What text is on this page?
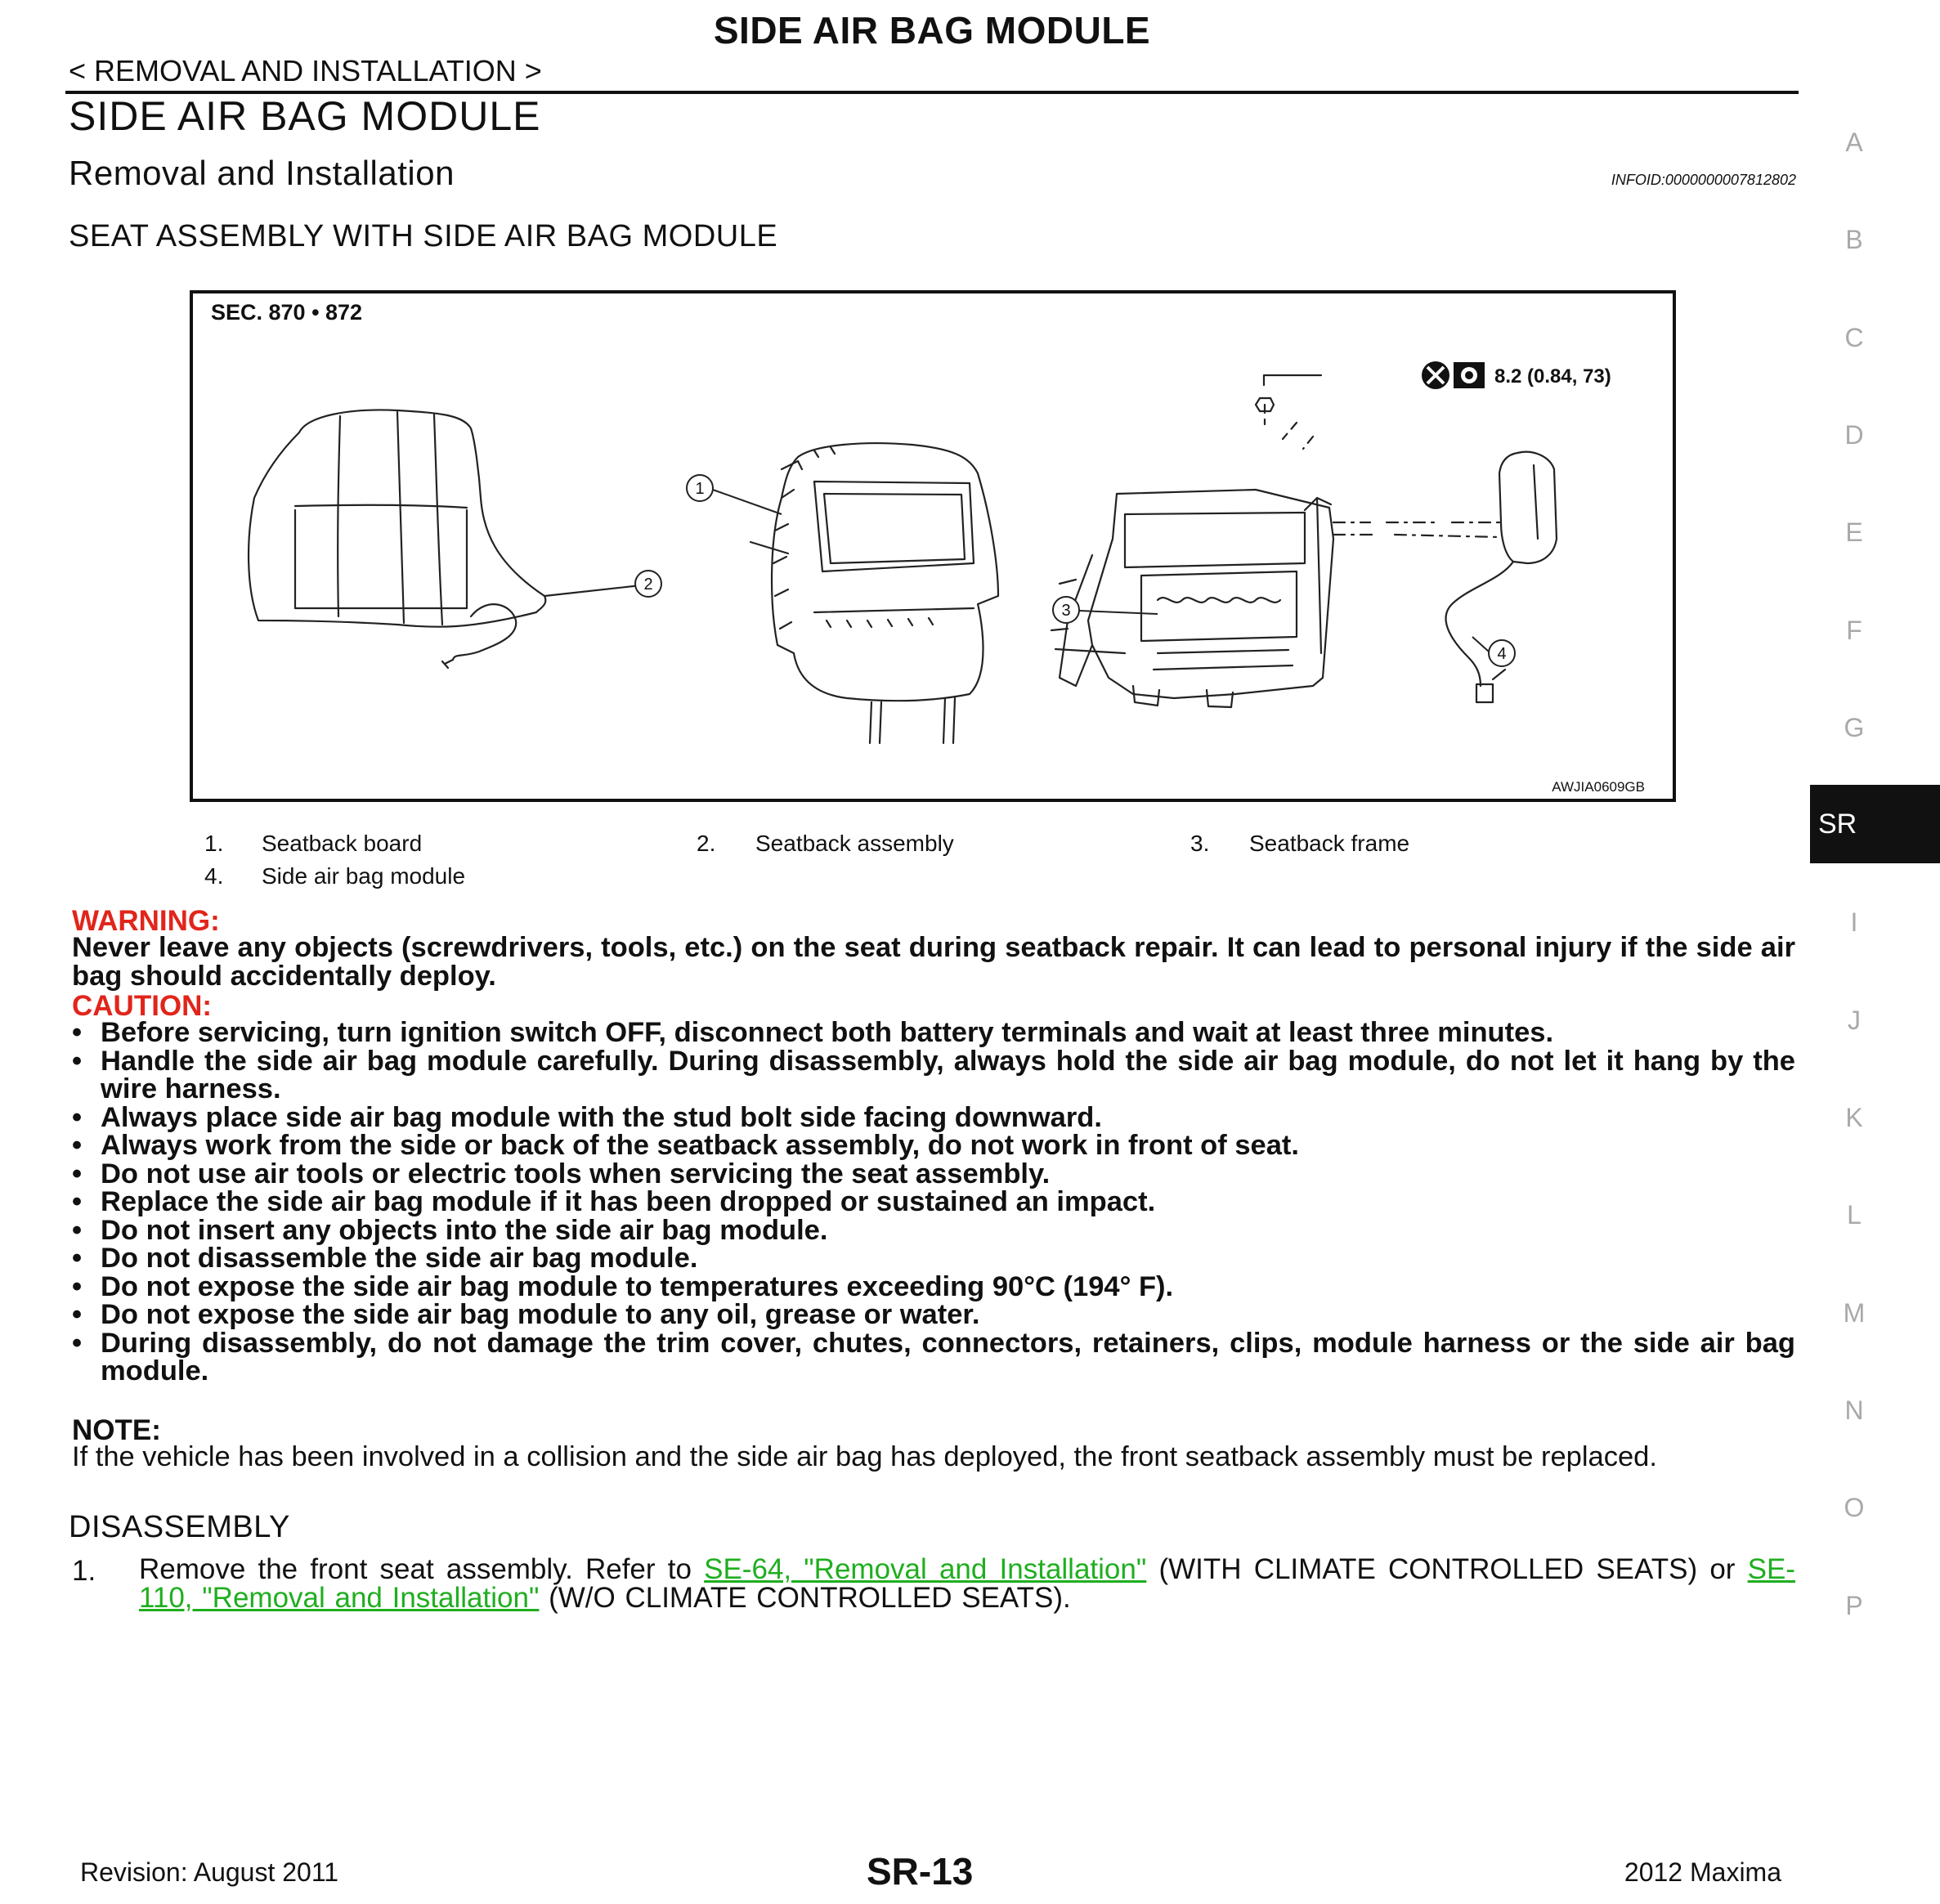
SIDE AIR BAG MODULE
< REMOVAL AND INSTALLATION >
SIDE AIR BAG MODULE
Removal and Installation	INFOID:0000000007812802
SEAT ASSEMBLY WITH SIDE AIR BAG MODULE
1
2
3
4
8.2 (0.84, 73)
SEC. 870 • 872
AWJIA0609GB
1. Seatback board	2. Seatback assembly	3. Seatback frame
4. Side air bag module
WARNING:
Never leave any objects (screwdrivers, tools, etc.) on the seat during seatback repair. It can lead to personal injury if the side air bag should accidentally deploy.
CAUTION:
• Before servicing, turn ignition switch OFF, disconnect both battery terminals and wait at least three minutes.
• Handle the side air bag module carefully. During disassembly, always hold the side air bag module, do not let it hang by the wire harness.
• Always place side air bag module with the stud bolt side facing downward.
• Always work from the side or back of the seatback assembly, do not work in front of seat.
• Do not use air tools or electric tools when servicing the seat assembly.
• Replace the side air bag module if it has been dropped or sustained an impact.
• Do not insert any objects into the side air bag module.
• Do not disassemble the side air bag module.
• Do not expose the side air bag module to temperatures exceeding 90°C (194° F).
• Do not expose the side air bag module to any oil, grease or water.
• During disassembly, do not damage the trim cover, chutes, connectors, retainers, clips, module harness or the side air bag module.
NOTE:
If the vehicle has been involved in a collision and the side air bag has deployed, the front seatback assembly must be replaced.
DISASSEMBLY
1. Remove the front seat assembly. Refer to SE-64, "Removal and Installation" (WITH CLIMATE CONTROLLED SEATS) or SE-110, "Removal and Installation" (W/O CLIMATE CONTROLLED SEATS).
Revision: August 2011	SR-13	2012 Maxima
A
B
C
D
E
F
G
SR
I
J
K
L
M
N
O
P
